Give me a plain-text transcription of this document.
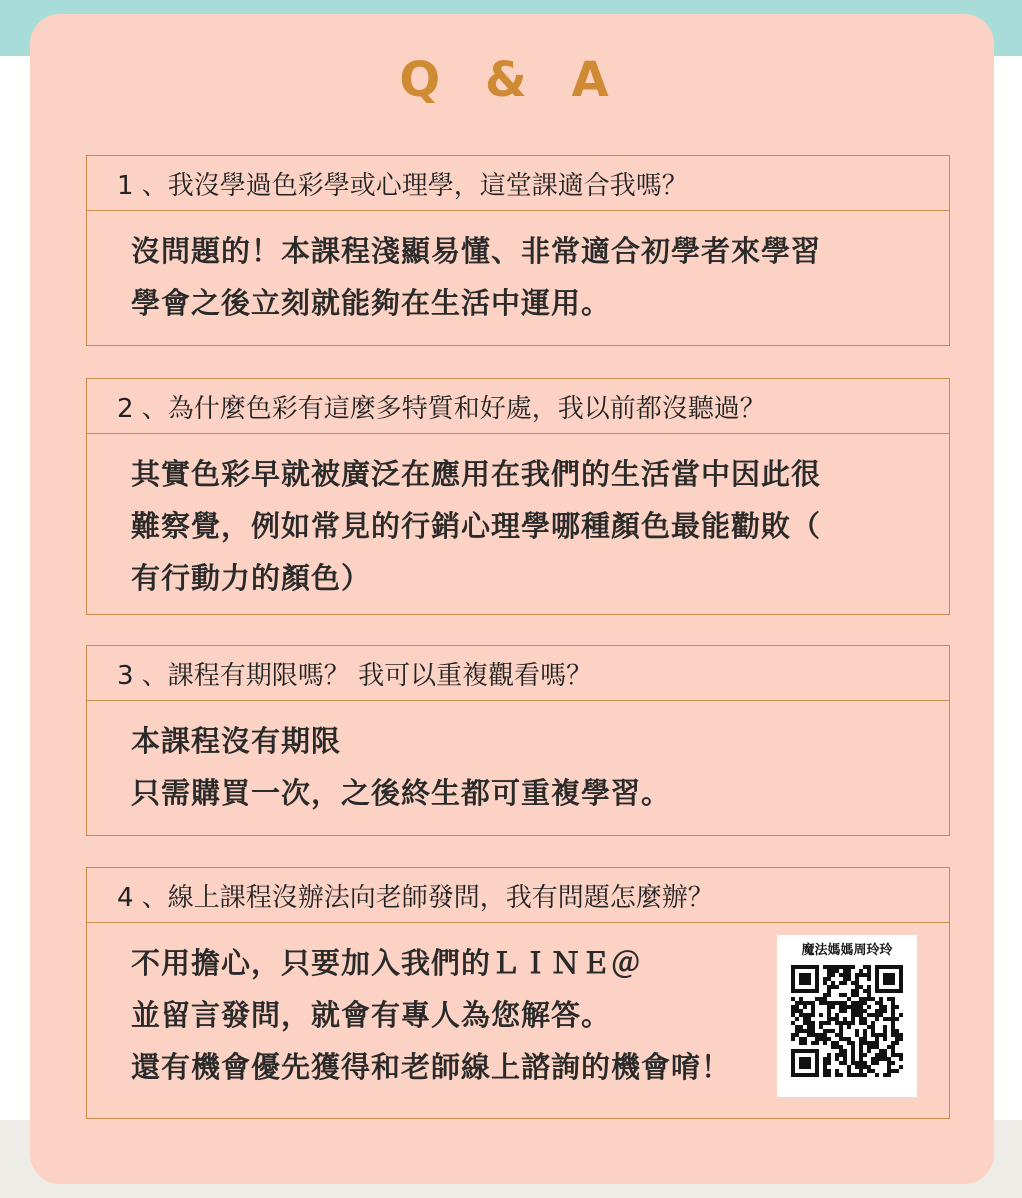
Q & A
1 、我沒學過色彩學或心理學，這堂課適合我嗎？
沒問題的！本課程淺顯易懂、非常適合初學者來學習
學會之後立刻就能夠在生活中運用。
2 、為什麼色彩有這麼多特質和好處，我以前都沒聽過？
其實色彩早就被廣泛在應用在我們的生活當中因此很
難察覺，例如常見的行銷心理學哪種顏色最能勸敗（
有行動力的顏色）
3 、課程有期限嗎？ 我可以重複觀看嗎？
本課程沒有期限
只需購買一次，之後終生都可重複學習。
4 、線上課程沒辦法向老師發問，我有問題怎麼辦？
不用擔心，只要加入我們的ＬＩＮＥ＠
並留言發問，就會有專人為您解答。
還有機會優先獲得和老師線上諮詢的機會唷！
魔法媽媽周玲玲
